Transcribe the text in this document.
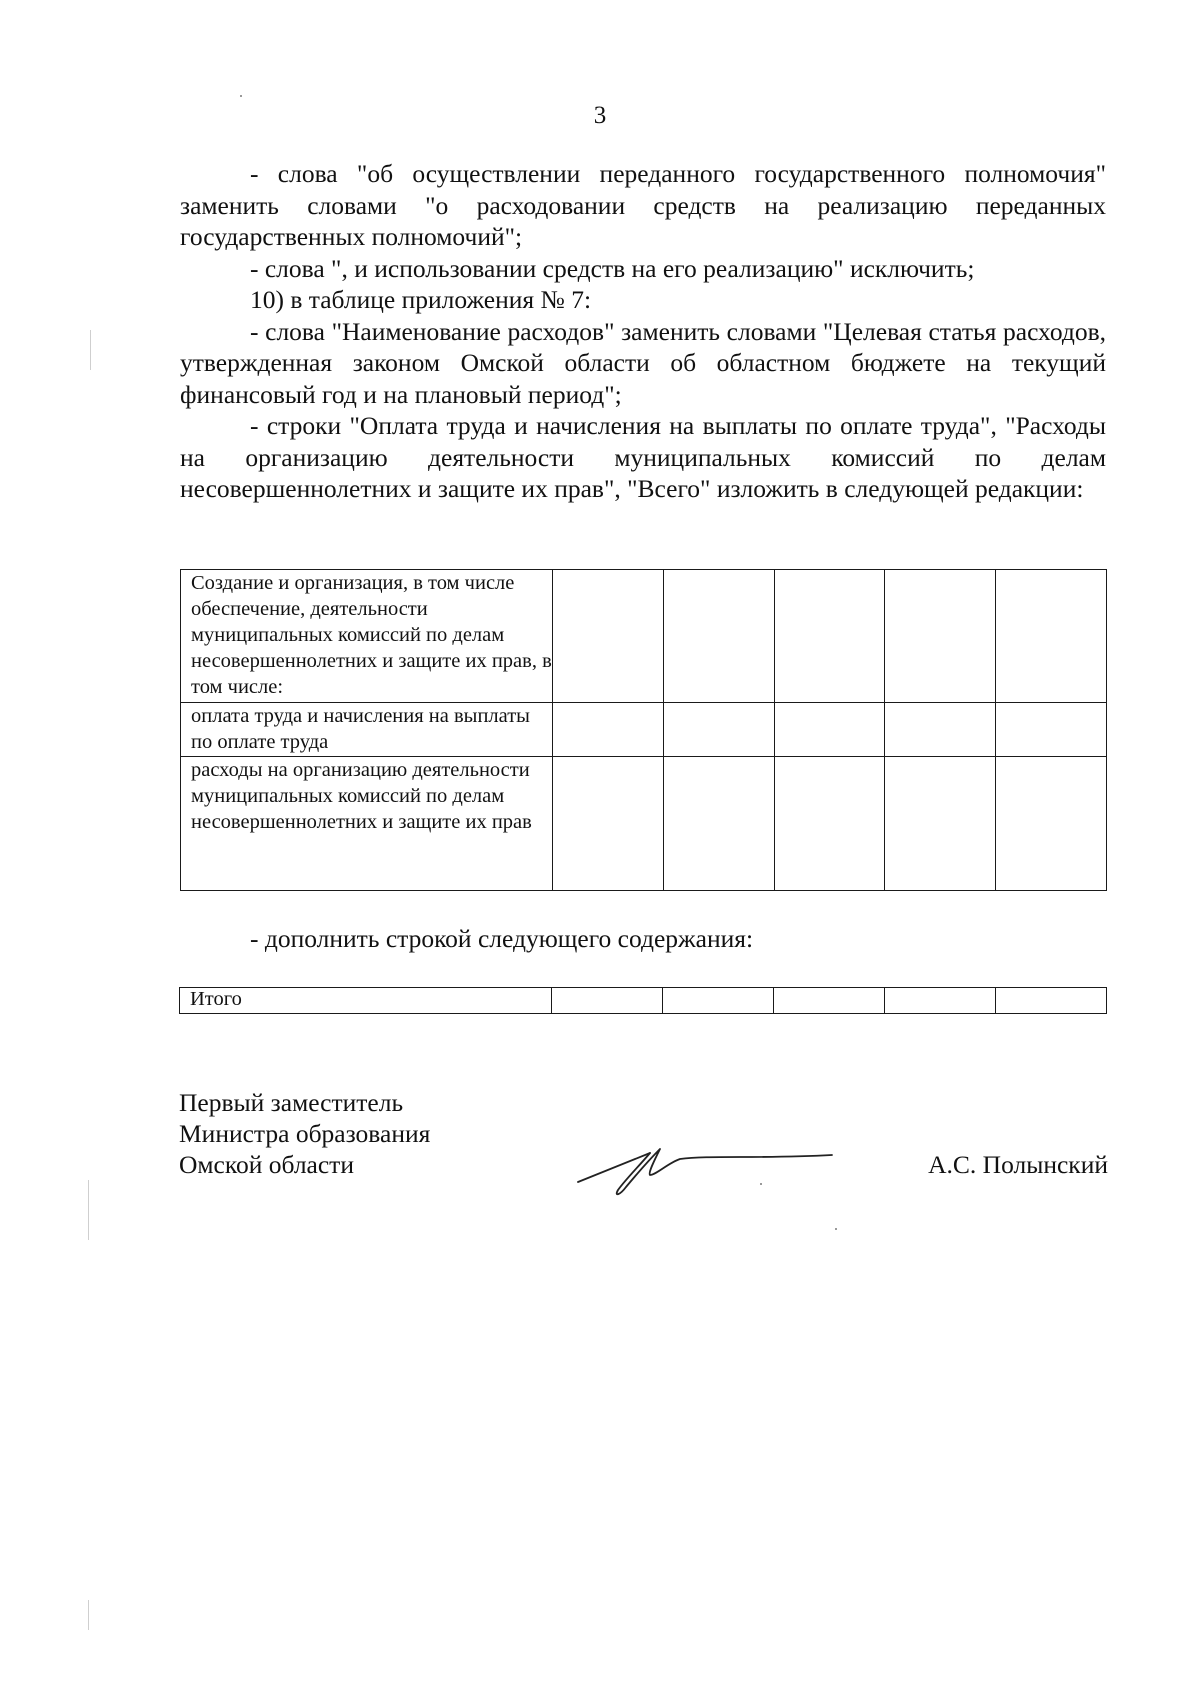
3

- слова "об осуществлении переданного государственного полномочия" заменить словами "о расходовании средств на реализацию переданных государственных полномочий";

- слова ", и использовании средств на его реализацию" исключить;

10) в таблице приложения № 7:

- слова "Наименование расходов" заменить словами "Целевая статья расходов, утвержденная законом Омской области об областном бюджете на текущий финансовый год и на плановый период";

- строки "Оплата труда и начисления на выплаты по оплате труда", "Расходы на организацию деятельности муниципальных комиссий по делам несовершеннолетних и защите их прав", "Всего" изложить в следующей редакции:

Создание и организация, в том числе обеспечение, деятельности муниципальных комиссий по делам несовершеннолетних и защите их прав, в том числе:					
оплата труда и начисления на выплаты по оплате труда					
расходы на организацию деятельности муниципальных комиссий по делам несовершеннолетних и защите их прав					
- дополнить строкой следующего содержания:
Итого					
Первый заместитель
Министра образования
Омской области	А.С. Полынский
